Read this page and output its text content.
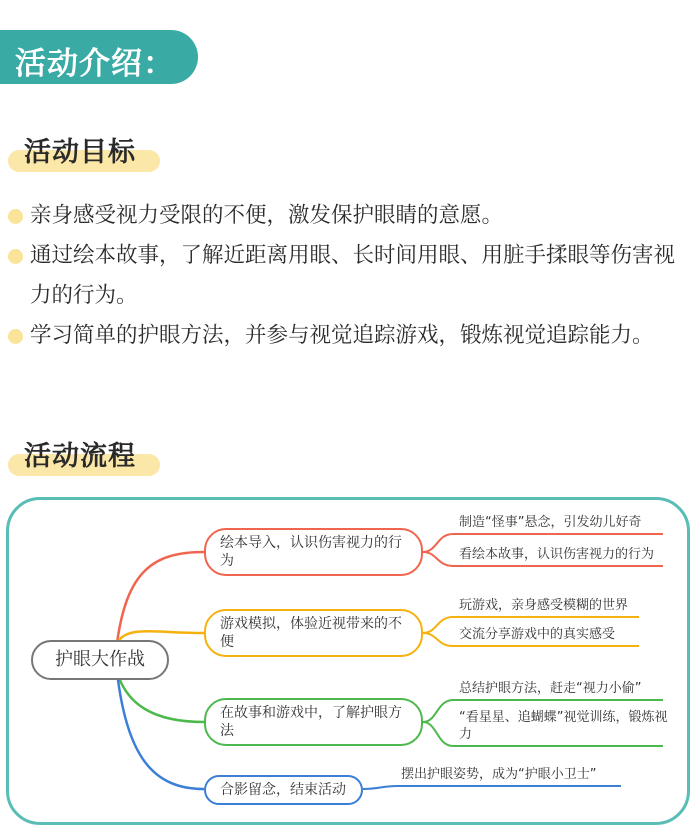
活动介绍：
活动目标
亲身感受视力受限的不便，激发保护眼睛的意愿。
通过绘本故事，了解近距离用眼、长时间用眼、用脏手揉眼等伤害视力的行为。
学习简单的护眼方法，并参与视觉追踪游戏，锻炼视觉追踪能力。
活动流程
护眼大作战
绘本导入，认识伤害视力的行为
游戏模拟，体验近视带来的不便
在故事和游戏中，了解护眼方法
合影留念，结束活动
制造“怪事”悬念，引发幼儿好奇
看绘本故事，认识伤害视力的行为
玩游戏，亲身感受模糊的世界
交流分享游戏中的真实感受
总结护眼方法，赶走“视力小偷”
“看星星、追蝴蝶”视觉训练，锻炼视力
摆出护眼姿势，成为“护眼小卫士”
